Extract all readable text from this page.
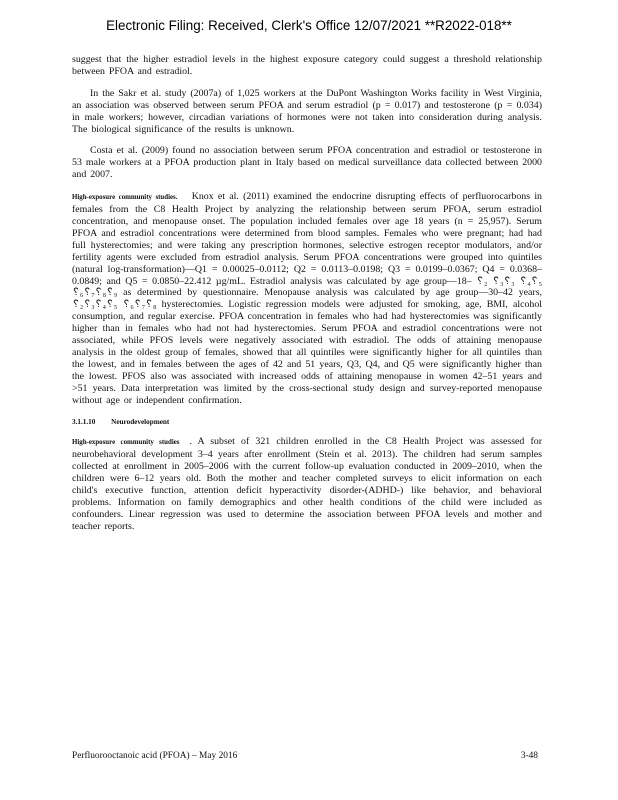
Electronic Filing: Received, Clerk's Office 12/07/2021 **R2022-018**

suggest that the higher estradiol levels in the highest exposure category could suggest a threshold relationship between PFOA and estradiol.

In the Sakr et al. study (2007a) of 1,025 workers at the DuPont Washington Works facility in West Virginia, an association was observed between serum PFOA and serum estradiol (p = 0.017) and testosterone (p = 0.034) in male workers; however, circadian variations of hormones were not taken into consideration during analysis. The biological significance of the results is unknown.

Costa et al. (2009) found no association between serum PFOA concentration and estradiol or testosterone in 53 male workers at a PFOA production plant in Italy based on medical surveillance data collected between 2000 and 2007.

High-exposure community studies. Knox et al. (2011) examined the endocrine disrupting effects of perfluorocarbons in females from the C8 Health Project by analyzing the relationship between serum PFOA, serum estradiol concentration, and menopause onset. The population included females over age 18 years (n = 25,957). Serum PFOA and estradiol concentrations were determined from blood samples. Females who were pregnant; had had full hysterectomies; and were taking any prescription hormones, selective estrogen receptor modulators, and/or fertility agents were excluded from estradiol analysis. Serum PFOA concentrations were grouped into quintiles (natural log-transformation)—Q1 = 0.00025–0.0112; Q2 = 0.0113–0.0198; Q3 = 0.0199–0.0367; Q4 = 0.0368–0.0849; and Q5 = 0.0850–22.412 µg/mL. Estradiol analysis was calculated by age group—18– ␦₂ ␦₃␦₃ ␦₄␦₅ ␦₆␦₇␦₈␦₉ as determined by questionnaire. Menopause analysis was calculated by age group—30–42 years, ␦₂␦₃␦₄␦₅ ␦₆␦₇␦₈ hysterectomies. Logistic regression models were adjusted for smoking, age, BMI, alcohol consumption, and regular exercise. PFOA concentration in females who had had hysterectomies was significantly higher than in females who had not had hysterectomies. Serum PFOA and estradiol concentrations were not associated, while PFOS levels were negatively associated with estradiol. The odds of attaining menopause analysis in the oldest group of females, showed that all quintiles were significantly higher for all quintiles than the lowest, and in females between the ages of 42 and 51 years, Q3, Q4, and Q5 were significantly higher than the lowest. PFOS also was associated with increased odds of attaining menopause in women 42–51 years and >51 years. Data interpretation was limited by the cross-sectional study design and survey-reported menopause without age or independent confirmation.

3.1.1.10 Neurodevelopment

High-exposure community studies . A subset of 321 children enrolled in the C8 Health Project was assessed for neurobehavioral development 3–4 years after enrollment (Stein et al. 2013). The children had serum samples collected at enrollment in 2005–2006 with the current follow-up evaluation conducted in 2009–2010, when the children were 6–12 years old. Both the mother and teacher completed surveys to elicit information on each child's executive function, attention deficit hyperactivity disorder-(ADHD-) like behavior, and behavioral problems. Information on family demographics and other health conditions of the child were included as confounders. Linear regression was used to determine the association between PFOA levels and mother and teacher reports.

Perfluorooctanoic acid (PFOA) – May 2016	3-48
